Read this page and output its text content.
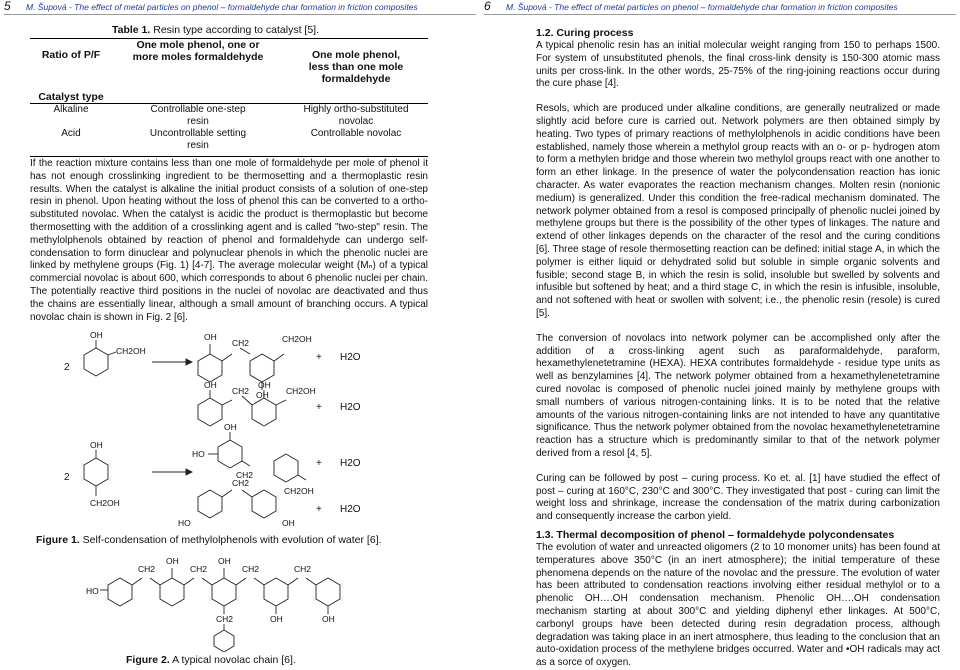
5 M. Šupová - The effect of metal particles on phenol – formaldehyde char formation in friction composites
Table 1. Resin type according to catalyst [5].
Ratio of P/F	One mole phenol, one or more moles formaldehyde	One mole phenol, less than one mole formaldehyde
Catalyst type		
Alkaline	Controllable one-step resin	Highly ortho-substituted novolac
Acid	Uncontrollable setting resin	Controllable novolac

If the reaction mixture contains less than one mole of formaldehyde per mole of phenol it has not enough crosslinking ingredient to be thermosetting and a thermoplastic resin results. When the catalyst is alkaline the initial product consists of a solution of one-step resin in phenol. Upon heating without the loss of phenol this can be converted to a ortho-substituted novolac. When the catalyst is acidic the product is thermoplastic but become thermosetting with the addition of a crosslinking agent and is called "two-step" resin. The methylolphenols obtained by reaction of phenol and formaldehyde can undergo self-condensation to form dinuclear and polynuclear phenols in which the phenolic nuclei are linked by methylene groups (Fig. 1) [4-7]. The average molecular weight (Mₙ) of a typical commercial novolac is about 600, which corresponds to about 6 phenolic nuclei per chain. The potentially reactive third positions in the nuclei of novolac are deactivated and thus the chains are essentially linear, although a small amount of branching occurs. A typical novolac chain is shown in Fig. 2 [6].

2
OH
CH2OH
OH
CH2	CH2OH
OH
+ H2O
OH
CH2
OH
CH2OH
+ H2O
2
OH
CH2OH
OH
HO
CH2
CH2OH
+ H2O
HO
CH2
OH
+ H2O
Figure 1. Self-condensation of methylolphenols with evolution of water [6].
HO
CH2
OH
CH2
OH
CH2
CH2
OH
CH2
OH
Figure 2. A typical novolac chain [6].
6 M. Šupová - The effect of metal particles on phenol – formaldehyde char formation in friction composites
1.2. Curing process

A typical phenolic resin has an initial molecular weight ranging from 150 to perhaps 1500. For system of unsubstituted phenols, the final cross-link density is 150-300 atomic mass units per cross-link. In the other words, 25-75% of the ring-joining reactions occur during the cure phase [4].

Resols, which are produced under alkaline conditions, are generally neutralized or made slightly acid before cure is carried out. Network polymers are then obtained simply by heating. Two types of primary reactions of methylolphenols in acidic conditions have been established, namely those wherein a methylol group reacts with an o- or p- hydrogen atom to form a methylen bridge and those wherein two methylol groups react with one another to form an ether linkage. In the presence of water the polycondensation reaction has ionic character. As water evaporates the reaction mechanism changes. Molten resin (nonionic medium) is generalized. Under this condition the free-radical mechanism dominated. The network polymer obtained from a resol is composed principally of phenolic nuclei joined by methylene groups but there is the possibility of the other types of linkages. The nature and extend of other linkages depends on the character of the resol and the curing conditions [6]. Three stage of resole thermosetting reaction can be defined: initial stage A, in which the polymer is either liquid or dehydrated solid but soluble in simple organic solvents and fusible; second stage B, in which the resin is solid, insoluble but swelled by solvents and infusible but softened by heat; and a third stage C, in which the resin is infusible, insoluble, and not softened with heat or swollen with solvent; i.e., the phenolic resin (resole) is cured [5].

The conversion of novolacs into network polymer can be accomplished only after the addition of a cross-linking agent such as paraformaldehyde, paraform, hexamethylenetetramine (HEXA). HEXA contributes formaldehyde - residue type units as well as benzylamines [4]. The network polymer obtained from a hexamethylenetetramine cured novolac is composed of phenolic nuclei joined mainly by methylene groups with small numbers of various nitrogen-containing links. It is to be noted that the relative amounts of the various nitrogen-containing links are not intended to have any quantitative significance. Thus the network polymer obtained from the novolac hexamethylenetetramine reaction has a structure which is predominantly similar to that of the network polymer derived from a resol [4, 5].

Curing can be followed by post – curing process. Ko et. al. [1] have studied the effect of post – curing at 160°C, 230°C and 300°C. They investigated that post - curing can limit the weight loss and shrinkage, increase the condensation of the matrix during carbonization and consequently increase the carbon yield.

1.3. Thermal decomposition of phenol – formaldehyde polycondensates

The evolution of water and unreacted oligomers (2 to 10 monomer units) has been found at temperatures above 350°C (in an inert atmosphere); the initial temperature of these phenomena depends on the nature of the novolac and the pressure. The evolution of water has been attributed to condensation reactions involving either residual methylol or to a phenolic OH….OH condensation mechanism. Phenolic OH….OH condensation mechanism starting at about 300°C and yielding diphenyl ether linkages. At 500°C, carbonyl groups have been detected during resin degradation process, although degradation was taking place in an inert atmosphere, thus leading to the conclusion that an auto-oxidation process of the methylene bridges occurred. Water and •OH radicals may act as a sorce of oxygen.
